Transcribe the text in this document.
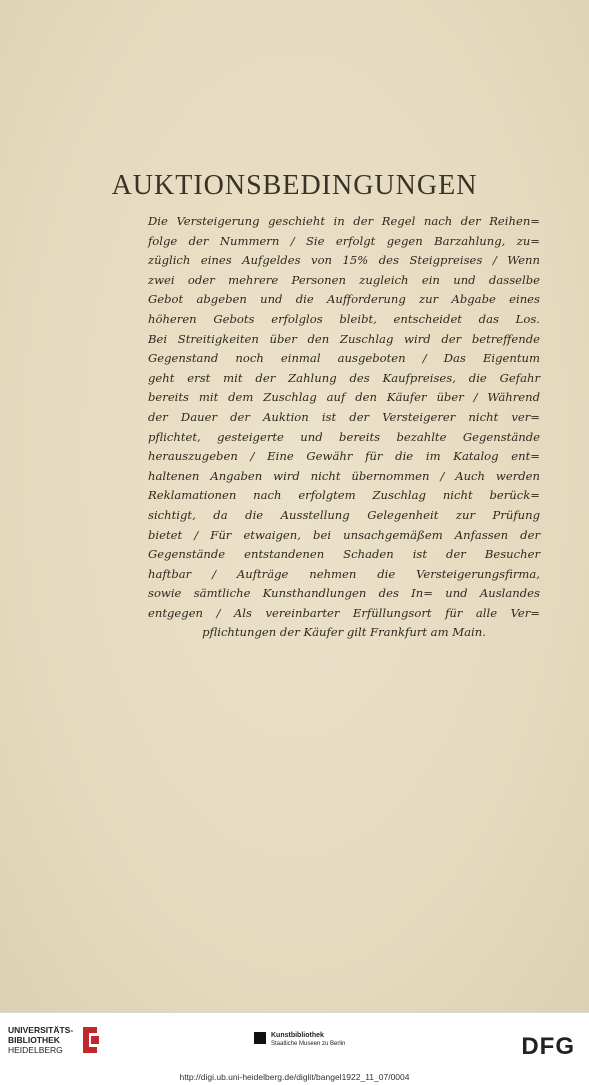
AUKTIONSBEDINGUNGEN
Die Versteigerung geschieht in der Regel nach der Reihen=
folge der Nummern / Sie erfolgt gegen Barzahlung, zu=
züglich eines Aufgeldes von 15% des Steigpreises / Wenn
zwei oder mehrere Personen zugleich ein und dasselbe
Gebot abgeben und die Aufforderung zur Abgabe eines
höheren Gebots erfolglos bleibt, entscheidet das Los.
Bei Streitigkeiten über den Zuschlag wird der betreffende
Gegenstand noch einmal ausgeboten / Das Eigentum
geht erst mit der Zahlung des Kaufpreises, die Gefahr
bereits mit dem Zuschlag auf den Käufer über / Während
der Dauer der Auktion ist der Versteigerer nicht ver=
pflichtet, gesteigerte und bereits bezahlte Gegenstände
herauszugeben / Eine Gewähr für die im Katalog ent=
haltenen Angaben wird nicht übernommen / Auch werden
Reklamationen nach erfolgtem Zuschlag nicht berück=
sichtigt, da die Ausstellung Gelegenheit zur Prüfung
bietet / Für etwaigen, bei unsachgemäßem Anfassen der
Gegenstände entstandenen Schaden ist der Besucher
haftbar / Aufträge nehmen die Versteigerungsfirma,
sowie sämtliche Kunsthandlungen des In= und Auslandes
entgegen / Als vereinbarter Erfüllungsort für alle Ver=
pflichtungen der Käufer gilt Frankfurt am Main.
UNIVERSITÄTS-
BIBLIOTHEK
HEIDELBERG
Kunstbibliothek
Staatliche Museen zu Berlin	DFG
http://digi.ub.uni-heidelberg.de/diglit/bangel1922_11_07/0004
